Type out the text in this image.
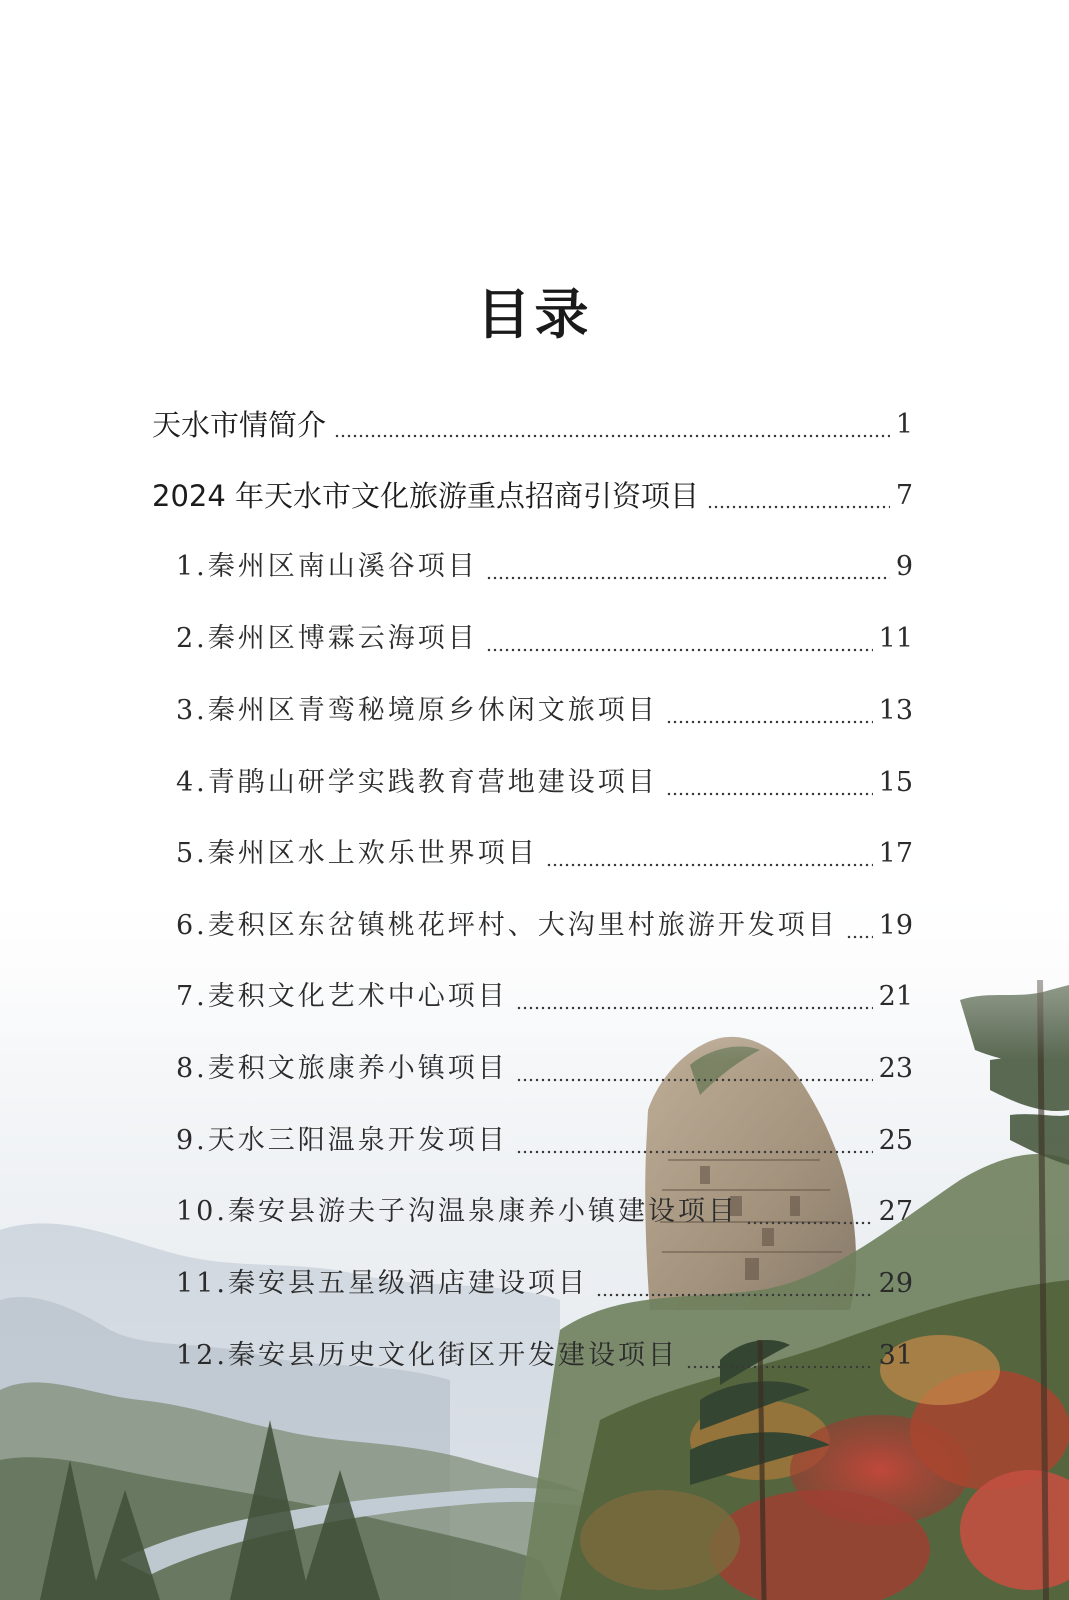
目录
天水市情简介	1
2024 年天水市文化旅游重点招商引资项目	7
1.秦州区南山溪谷项目	9
2.秦州区博霖云海项目	11
3.秦州区青鸾秘境原乡休闲文旅项目	13
4.青鹃山研学实践教育营地建设项目	15
5.秦州区水上欢乐世界项目	17
6.麦积区东岔镇桃花坪村、大沟里村旅游开发项目 19
7.麦积文化艺术中心项目	21
8.麦积文旅康养小镇项目	23
9.天水三阳温泉开发项目	25
10.秦安县游夫子沟温泉康养小镇建设项目	27
11.秦安县五星级酒店建设项目	29
12.秦安县历史文化街区开发建设项目	31
